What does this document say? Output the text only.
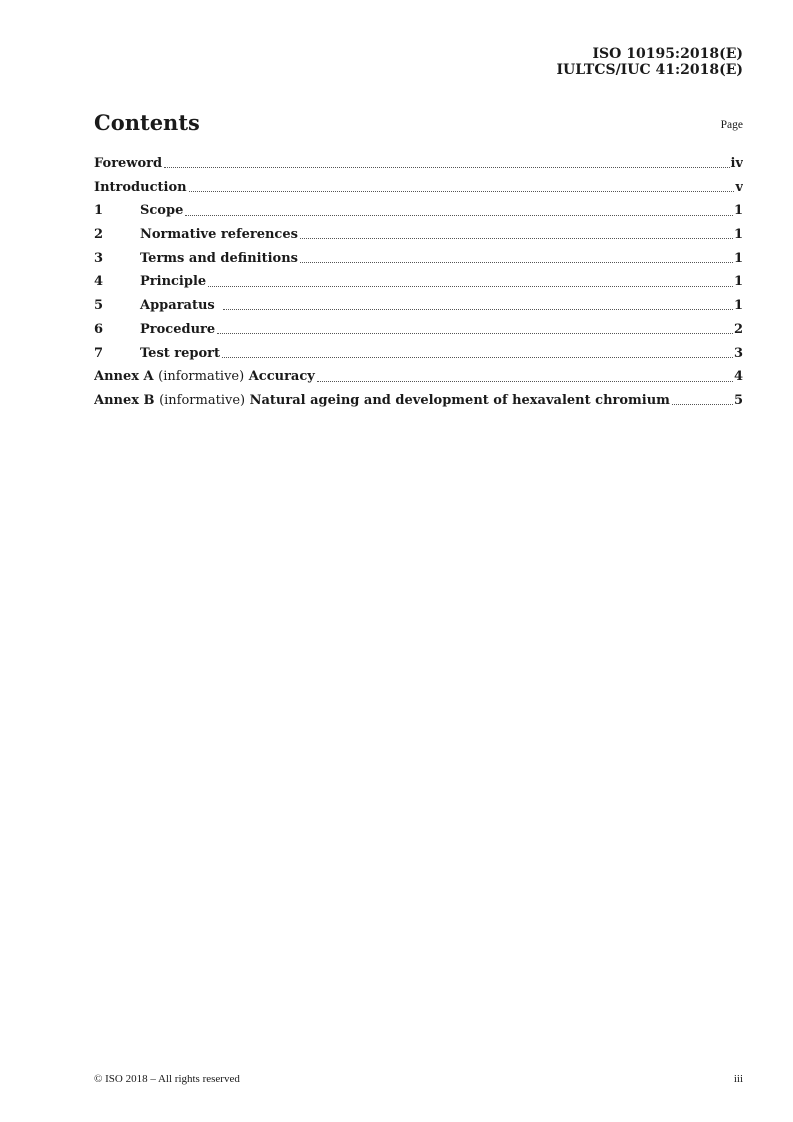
ISO 10195:2018(E)
IULTCS/IUC 41:2018(E)
Contents	Page
Foreword	iv
Introduction	v
1	Scope	1
2	Normative references	1
3	Terms and definitions	1
4	Principle	1
5	Apparatus	1
6	Procedure	2
7	Test report	3
Annex A (informative) Accuracy	4
Annex B (informative) Natural ageing and development of hexavalent chromium	5
© ISO 2018 – All rights reserved	iii
